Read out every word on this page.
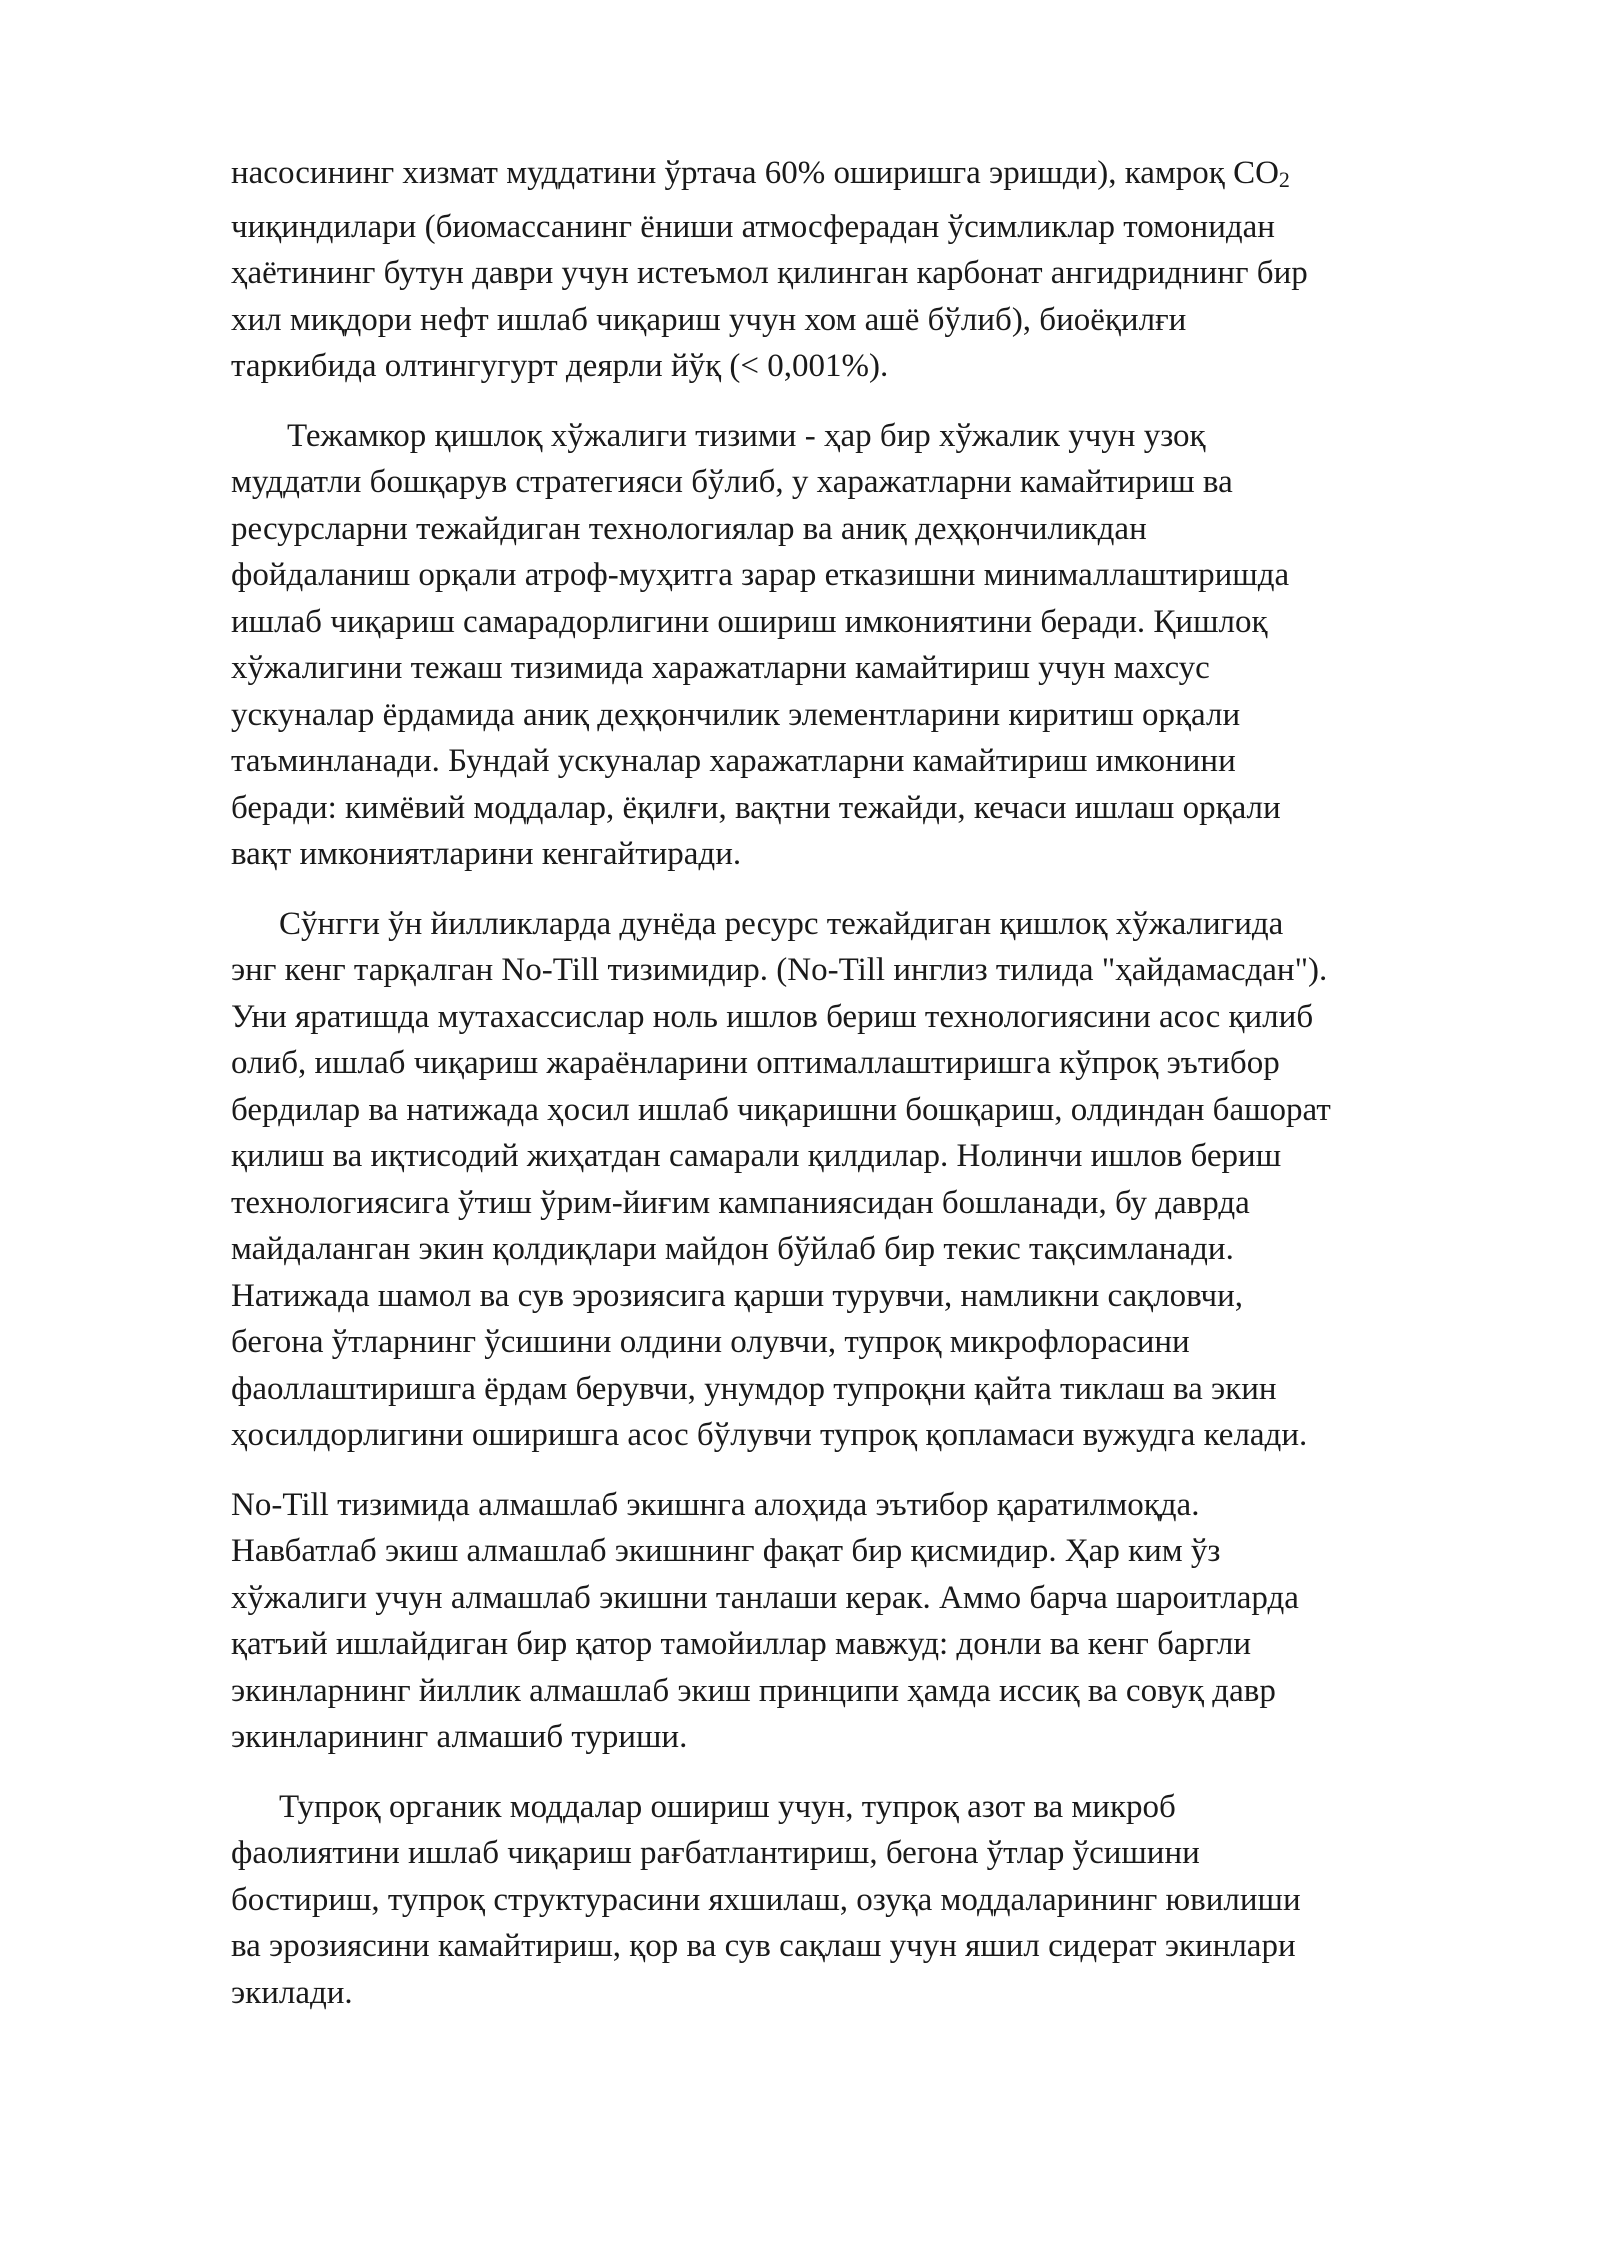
насосининг хизмат муддатини ўртача 60% оширишга эришди), камроқ CO2
чиқиндилари (биомассанинг ёниши атмосферадан ўсимликлар томонидан
ҳаётининг бутун даври учун истеъмол қилинган карбонат ангидриднинг бир
хил миқдори нефт ишлаб чиқариш учун хом ашё бўлиб), биоёқилғи
таркибида олтингугурт деярли йўқ (< 0,001%).

Тежамкор қишлоқ хўжалиги тизими - ҳар бир хўжалик учун узоқ
муддатли бошқарув стратегияси бўлиб, у харажатларни камайтириш ва
ресурсларни тежайдиган технологиялар ва аниқ деҳқончиликдан
фойдаланиш орқали атроф-муҳитга зарар етказишни минималлаштиришда
ишлаб чиқариш самарадорлигини ошириш имкониятини беради. Қишлоқ
хўжалигини тежаш тизимида харажатларни камайтириш учун махсус
ускуналар ёрдамида аниқ деҳқончилик элементларини киритиш орқали
таъминланади. Бундай ускуналар харажатларни камайтириш имконини
беради: кимёвий моддалар, ёқилғи, вақтни тежайди, кечаси ишлаш орқали
вақт имкониятларини кенгайтиради.

Сўнгги ўн йилликларда дунёда ресурс тежайдиган қишлоқ хўжалигида
энг кенг тарқалган No-Till тизимидир. (No-Till инглиз тилида "ҳайдамасдан").
Уни яратишда мутахассислар ноль ишлов бериш технологиясини асос қилиб
олиб, ишлаб чиқариш жараёнларини оптималлаштиришга кўпроқ эътибор
бердилар ва натижада ҳосил ишлаб чиқаришни бошқариш, олдиндан башорат
қилиш ва иқтисодий жиҳатдан самарали қилдилар. Нолинчи ишлов бериш
технологиясига ўтиш ўрим-йиғим кампаниясидан бошланади, бу даврда
майдаланган экин қолдиқлари майдон бўйлаб бир текис тақсимланади.
Натижада шамол ва сув эрозиясига қарши турувчи, намликни сақловчи,
бегона ўтларнинг ўсишини олдини олувчи, тупроқ микрофлорасини
фаоллаштиришга ёрдам берувчи, унумдор тупроқни қайта тиклаш ва экин
ҳосилдорлигини оширишга асос бўлувчи тупроқ қопламаси вужудга келади.

No-Till тизимида алмашлаб экишнга алоҳида эътибор қаратилмоқда.
Навбатлаб экиш алмашлаб экишнинг фақат бир қисмидир. Ҳар ким ўз
хўжалиги учун алмашлаб экишни танлаши керак. Аммо барча шароитларда
қатъий ишлайдиган бир қатор тамойиллар мавжуд: донли ва кенг баргли
экинларнинг йиллик алмашлаб экиш принципи ҳамда иссиқ ва совуқ давр
экинларининг алмашиб туриши.

Тупроқ органик моддалар ошириш учун, тупроқ азот ва микроб
фаолиятини ишлаб чиқариш рағбатлантириш, бегона ўтлар ўсишини
бостириш, тупроқ структурасини яхшилаш, озуқа моддаларининг ювилиши
ва эрозиясини камайтириш, қор ва сув сақлаш учун яшил сидерат экинлари
экилади.
